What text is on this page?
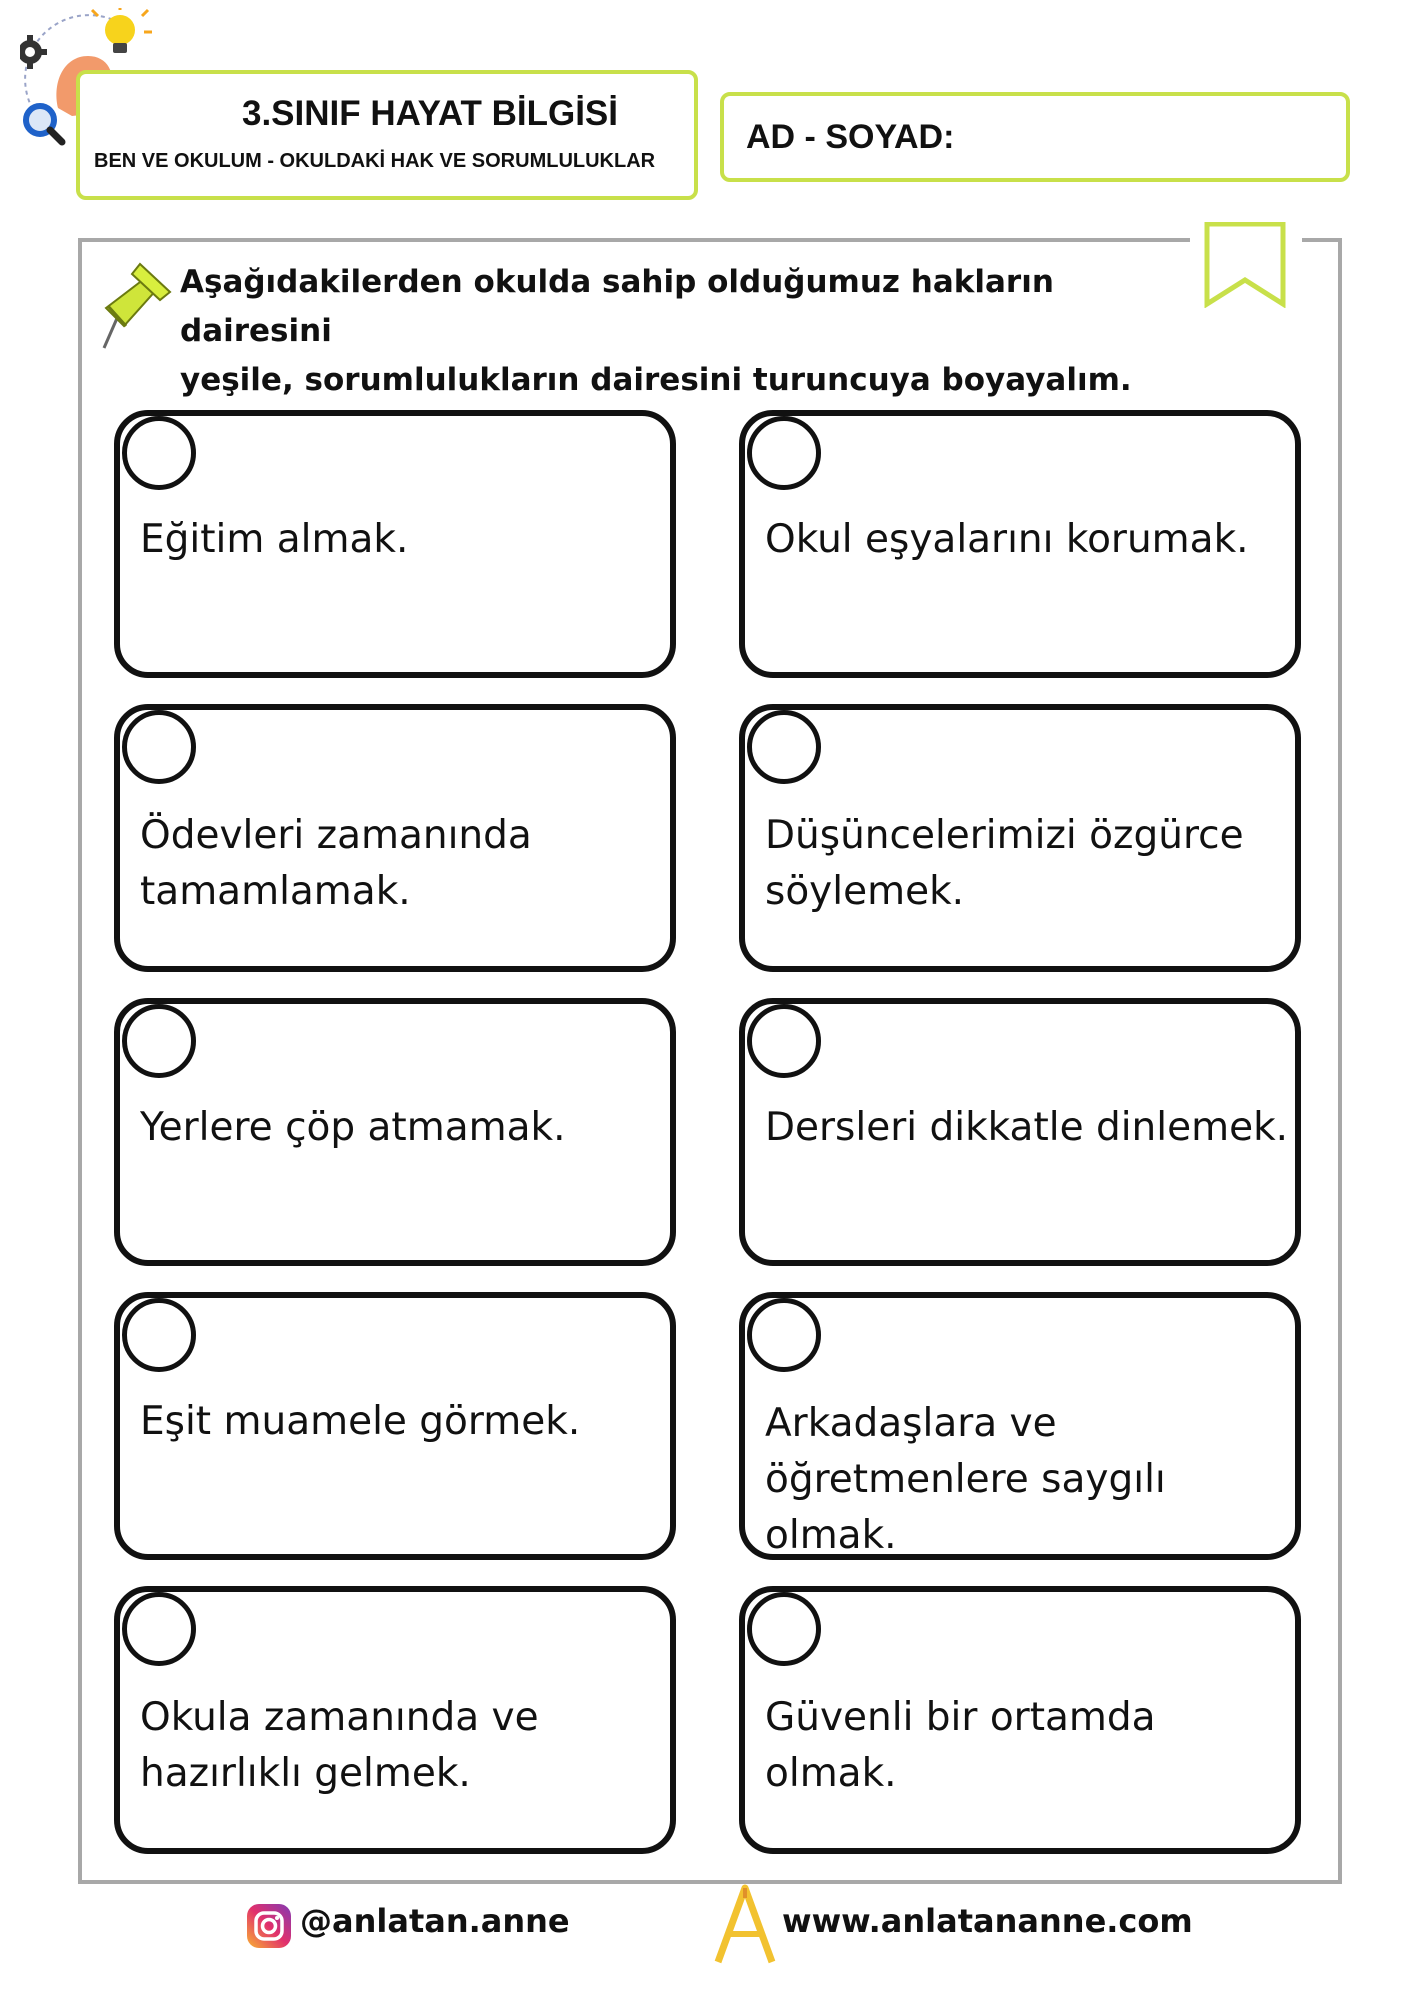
3.SINIF HAYAT BİLGİSİ
BEN VE OKULUM - OKULDAKİ HAK VE SORUMLULUKLAR
AD - SOYAD:
Aşağıdakilerden okulda sahip olduğumuz hakların dairesini
yeşile, sorumlulukların dairesini turuncuya boyayalım.
Eğitim almak.	Okul eşyalarını korumak.
Ödevleri zamanında
tamamlamak.
Düşüncelerimizi özgürce
söylemek.
Yerlere çöp atmamak.	Dersleri dikkatle dinlemek.
Eşit muamele görmek.	Arkadaşlara ve
öğretmenlere saygılı olmak.
Okula zamanında ve
hazırlıklı gelmek.
Güvenli bir ortamda
olmak.
@anlatan.anne	www.anlatananne.com
